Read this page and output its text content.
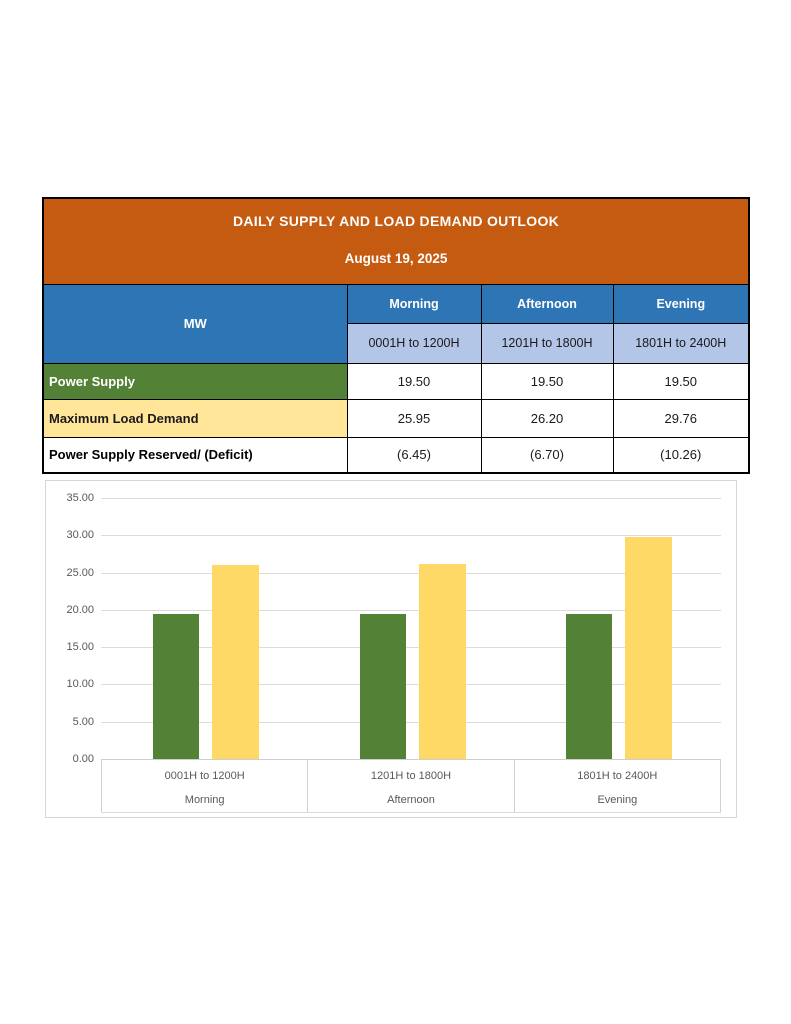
DAILY SUPPLY AND LOAD DEMAND OUTLOOK
August 19, 2025			

MW	Morning	Afternoon	Evening
	0001H to 1200H	1201H to 1800H	1801H to 2400H
Power Supply	19.50	19.50	19.50
Maximum Load Demand	25.95	26.20	29.76
Power Supply Reserved/ (Deficit)	(6.45)	(6.70)	(10.26)
0.00
5.00
10.00
15.00
20.00
25.00
30.00
35.00
0001H to 1200H
Morning
1201H to 1800H
Afternoon
1801H to 2400H
Evening
